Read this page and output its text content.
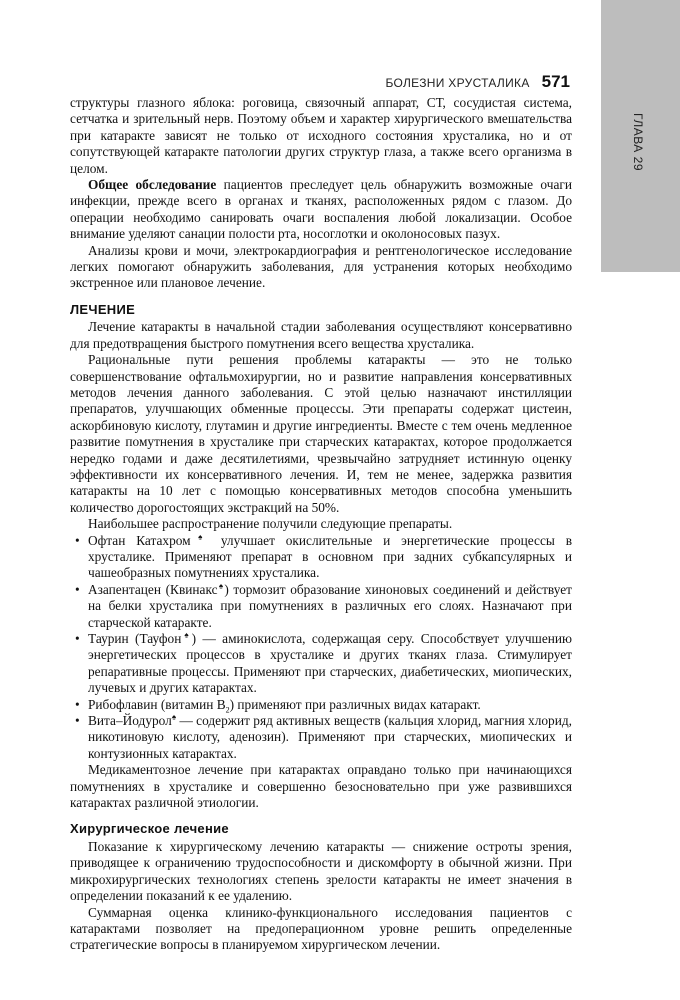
ГЛАВА 29
БОЛЕЗНИ ХРУСТАЛИКА 571

структуры глазного яблока: роговица, связочный аппарат, СТ, сосудистая система, сетчатка и зрительный нерв. Поэтому объем и характер хирургического вмешательства при катаракте зависят не только от исходного состояния хрусталика, но и от сопутствующей катаракте патологии других структур глаза, а также всего организма в целом.

Общее обследование пациентов преследует цель обнаружить возможные очаги инфекции, прежде всего в органах и тканях, расположенных рядом с глазом. До операции необходимо санировать очаги воспаления любой локализации. Особое внимание уделяют санации полости рта, носоглотки и околоносовых пазух.

Анализы крови и мочи, электрокардиография и рентгенологическое исследование легких помогают обнаружить заболевания, для устранения которых необходимо экстренное или плановое лечение.

ЛЕЧЕНИЕ

Лечение катаракты в начальной стадии заболевания осуществляют консервативно для предотвращения быстрого помутнения всего вещества хрусталика.

Рациональные пути решения проблемы катаракты — это не только совершенствование офтальмохирургии, но и развитие направления консервативных методов лечения данного заболевания. С этой целью назначают инстилляции препаратов, улучшающих обменные процессы. Эти препараты содержат цистеин, аскорбиновую кислоту, глутамин и другие ингредиенты. Вместе с тем очень медленное развитие помутнения в хрусталике при старческих катарактах, которое продолжается нередко годами и даже десятилетиями, чрезвычайно затрудняет истинную оценку эффективности их консервативного лечения. И, тем не менее, задержка развития катаракты на 10 лет с помощью консервативных методов способна уменьшить количество дорогостоящих экстракций на 50%.

Наибольшее распространение получили следующие препараты.

• Офтан Катахром♠ улучшает окислительные и энергетические процессы в хрусталике. Применяют препарат в основном при задних субкапсулярных и чашеобразных помутнениях хрусталика.
• Азапентацен (Квинакс♠) тормозит образование хиноновых соединений и действует на белки хрусталика при помутнениях в различных его слоях. Назначают при старческой катаракте.
• Таурин (Тауфон♠) — аминокислота, содержащая серу. Способствует улучшению энергетических процессов в хрусталике и других тканях глаза. Стимулирует репаративные процессы. Применяют при старческих, диабетических, миопических, лучевых и других катарактах.
• Рибофлавин (витамин $B_2$) применяют при различных видах катаракт.
• Вита–Йодурол♠ — содержит ряд активных веществ (кальция хлорид, магния хлорид, никотиновую кислоту, аденозин). Применяют при старческих, миопических и контузионных катарактах.

Медикаментозное лечение при катарактах оправдано только при начинающихся помутнениях в хрусталике и совершенно безосновательно при уже развившихся катарактах различной этиологии.

Хирургическое лечение

Показание к хирургическому лечению катаракты — снижение остроты зрения, приводящее к ограничению трудоспособности и дискомфорту в обычной жизни. При микрохирургических технологиях степень зрелости катаракты не имеет значения в определении показаний к ее удалению.

Суммарная оценка клинико-функционального исследования пациентов с катарактами позволяет на предоперационном уровне решить определенные стратегические вопросы в планируемом хирургическом лечении.
